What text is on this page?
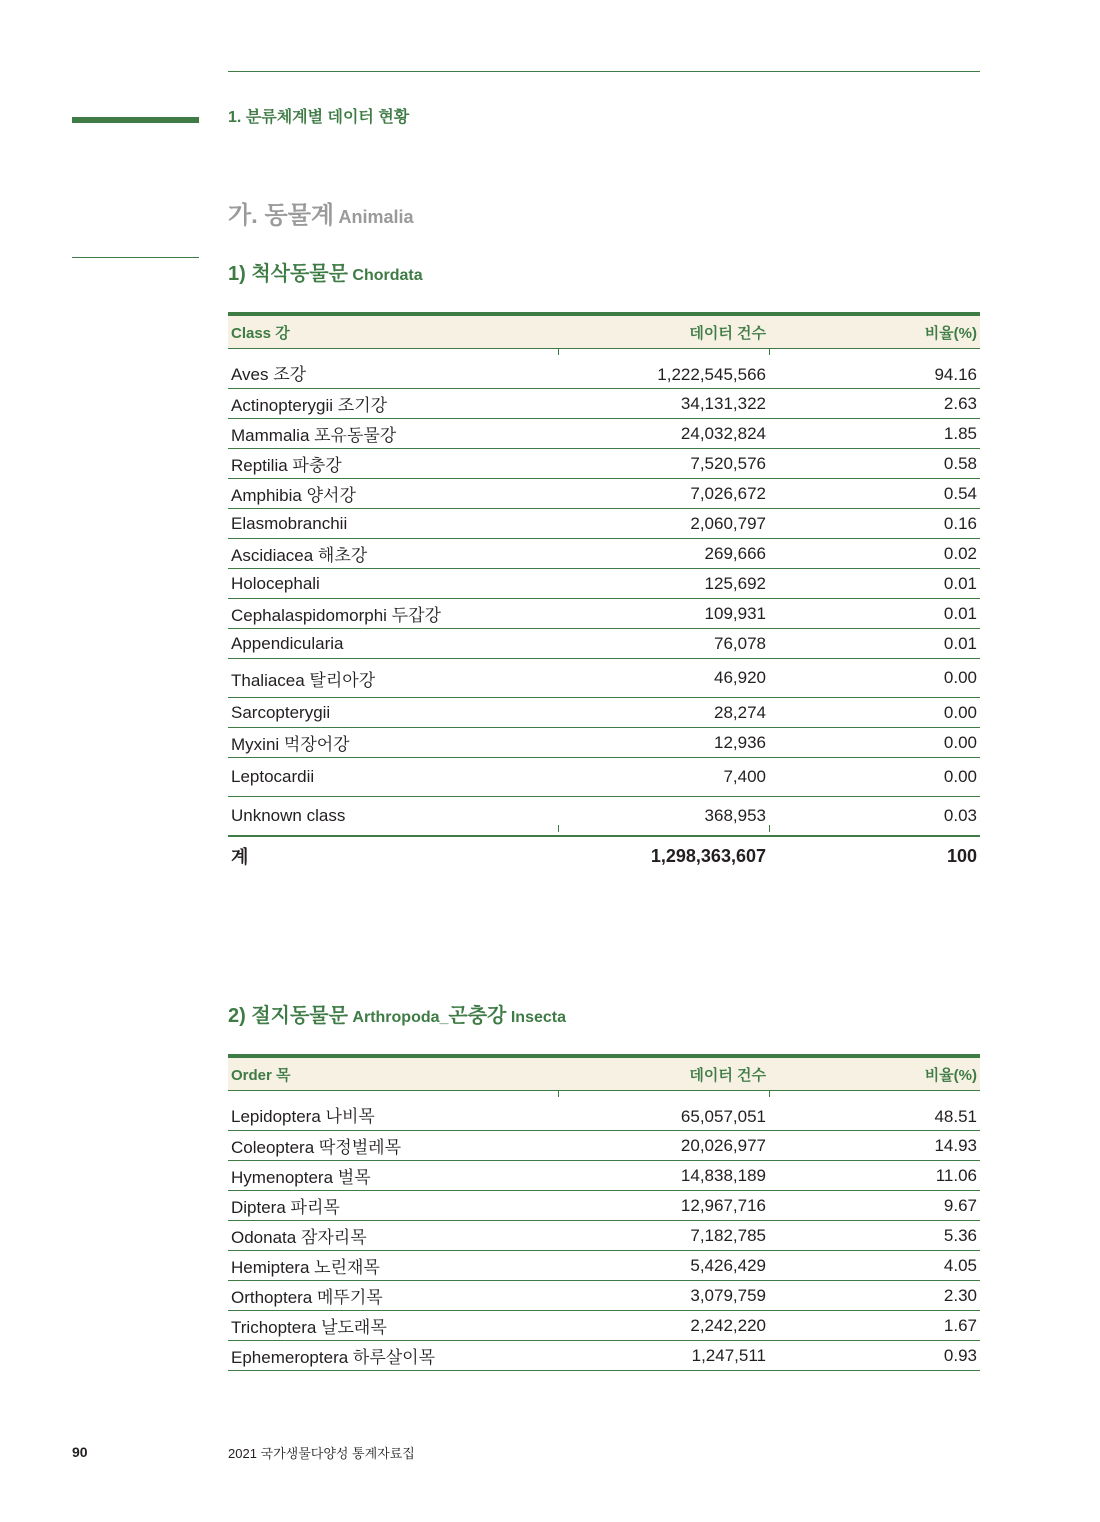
1. 분류체계별 데이터 현황
가. 동물계 Animalia
1) 척삭동물문 Chordata
Class 강	데이터 건수	비율(%)
Aves 조강	1,222,545,566	94.16
Actinopterygii 조기강	34,131,322	2.63
Mammalia 포유동물강	24,032,824	1.85
Reptilia 파충강	7,520,576	0.58
Amphibia 양서강	7,026,672	0.54
Elasmobranchii	2,060,797	0.16
Ascidiacea 해초강	269,666	0.02
Holocephali	125,692	0.01
Cephalaspidomorphi 두갑강	109,931	0.01
Appendicularia	76,078	0.01
Thaliacea 탈리아강	46,920	0.00
Sarcopterygii	28,274	0.00
Myxini 먹장어강	12,936	0.00
Leptocardii	7,400	0.00
Unknown class	368,953	0.03
계	1,298,363,607	100
2) 절지동물문 Arthropoda_곤충강 Insecta
Order 목	데이터 건수	비율(%)
Lepidoptera 나비목	65,057,051	48.51
Coleoptera 딱정벌레목	20,026,977	14.93
Hymenoptera 벌목	14,838,189	11.06
Diptera 파리목	12,967,716	9.67
Odonata 잠자리목	7,182,785	5.36
Hemiptera 노린재목	5,426,429	4.05
Orthoptera 메뚜기목	3,079,759	2.30
Trichoptera 날도래목	2,242,220	1.67
Ephemeroptera 하루살이목	1,247,511	0.93
90	2021 국가생물다양성 통계자료집
